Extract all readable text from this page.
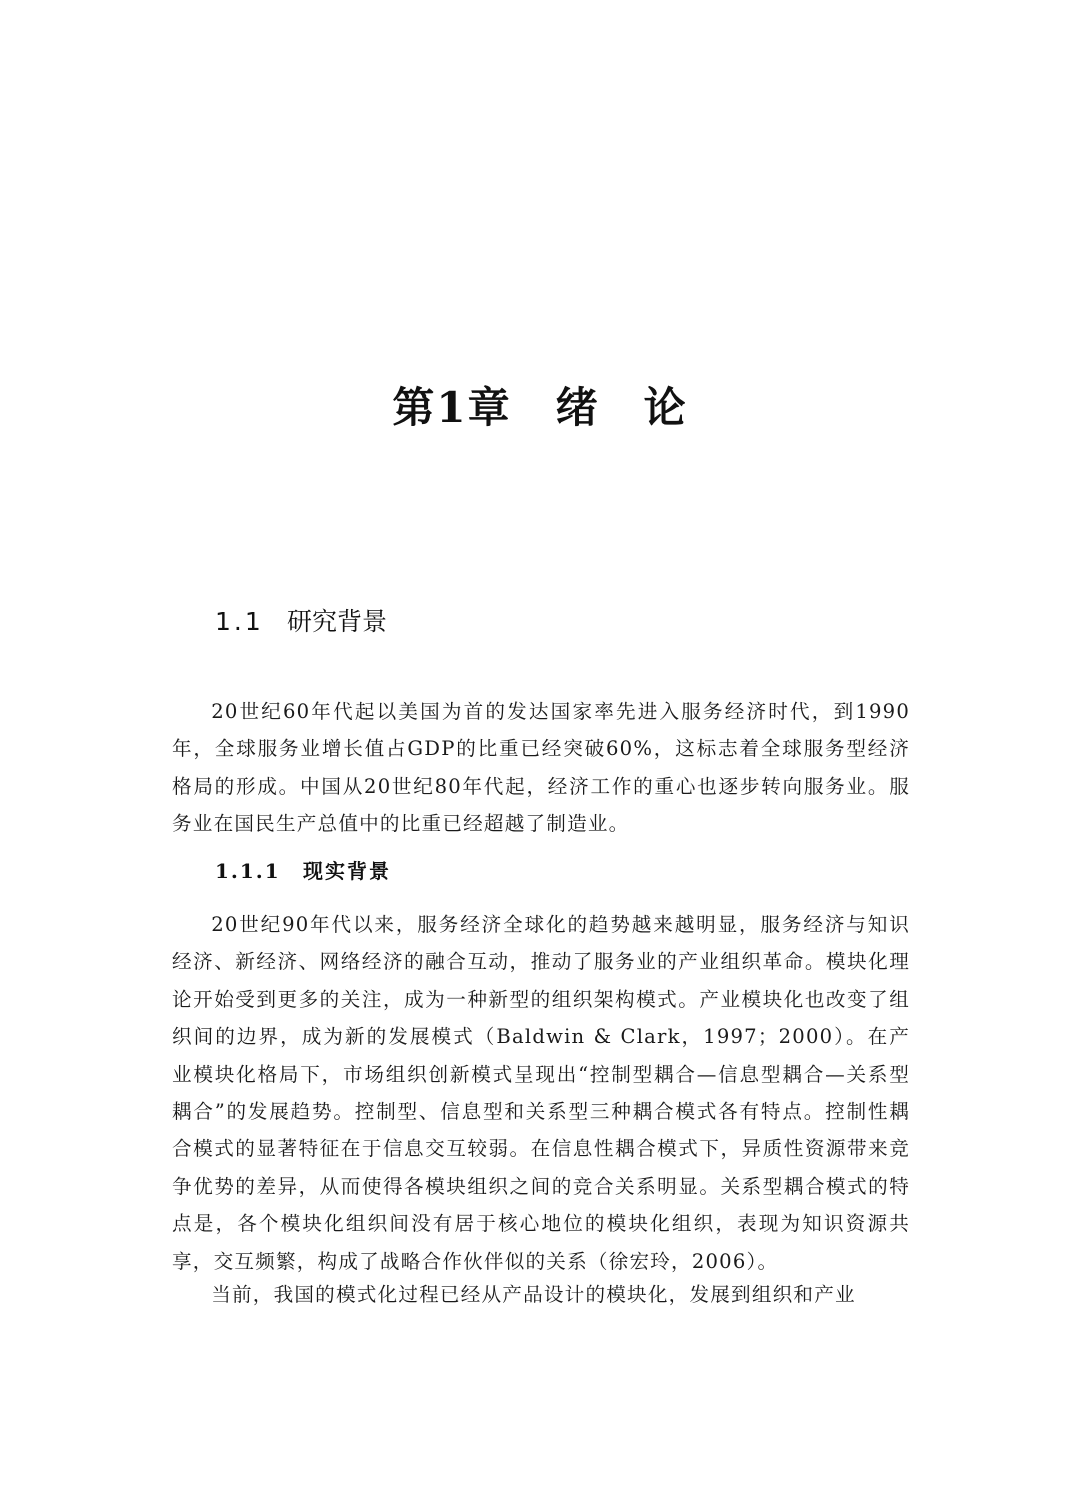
第1章 绪　论
1.1 研究背景

20世纪60年代起以美国为首的发达国家率先进入服务经济时代，到1990年，全球服务业增长值占GDP的比重已经突破60%，这标志着全球服务型经济格局的形成。中国从20世纪80年代起，经济工作的重心也逐步转向服务业。服务业在国民生产总值中的比重已经超越了制造业。

1.1.1 现实背景

20世纪90年代以来，服务经济全球化的趋势越来越明显，服务经济与知识经济、新经济、网络经济的融合互动，推动了服务业的产业组织革命。模块化理论开始受到更多的关注，成为一种新型的组织架构模式。产业模块化也改变了组织间的边界，成为新的发展模式（Baldwin & Clark，1997；2000）。在产业模块化格局下，市场组织创新模式呈现出“控制型耦合—信息型耦合—关系型耦合”的发展趋势。控制型、信息型和关系型三种耦合模式各有特点。控制性耦合模式的显著特征在于信息交互较弱。在信息性耦合模式下，异质性资源带来竞争优势的差异，从而使得各模块组织之间的竞合关系明显。关系型耦合模式的特点是，各个模块化组织间没有居于核心地位的模块化组织，表现为知识资源共享，交互频繁，构成了战略合作伙伴似的关系（徐宏玲，2006）。

当前，我国的模式化过程已经从产品设计的模块化，发展到组织和产业
